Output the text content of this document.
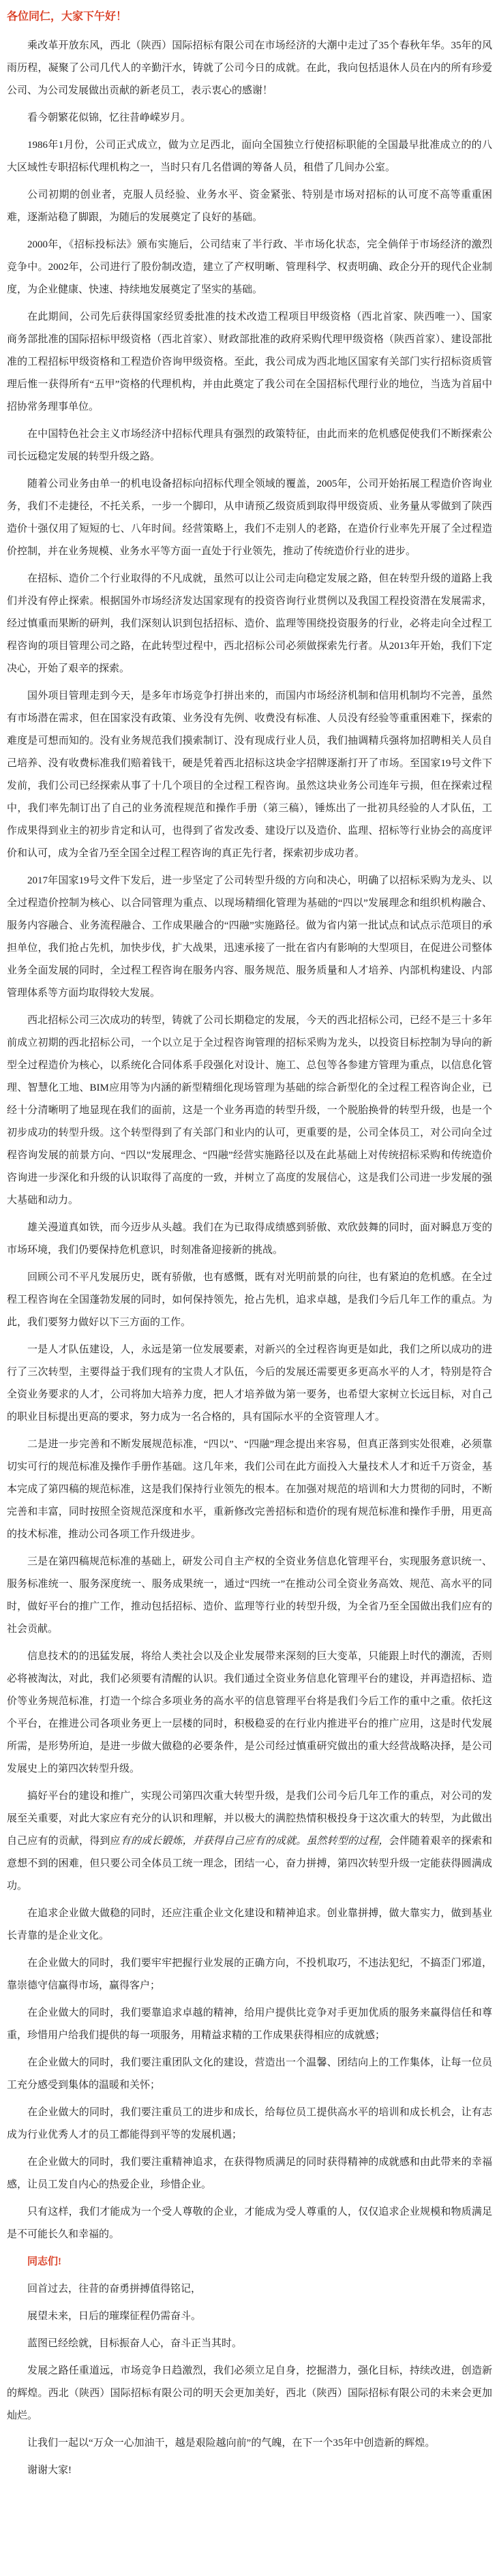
各位同仁，大家下午好！

乘改革开放东风，西北（陕西）国际招标有限公司在市场经济的大潮中走过了35个春秋年华。35年的风雨历程，凝聚了公司几代人的辛勤汗水，铸就了公司今日的成就。在此，我向包括退休人员在内的所有珍爱公司、为公司发展做出贡献的新老员工，表示衷心的感谢！

看今朝繁花似锦，忆往昔峥嵘岁月。

1986年1月份，公司正式成立，做为立足西北，面向全国独立行使招标职能的全国最早批准成立的的八大区域性专职招标代理机构之一，当时只有几名借调的筹备人员，租借了几间办公室。

公司初期的创业者，克服人员经验、业务水平、资金紧张、特别是市场对招标的认可度不高等重重困难，逐渐站稳了脚跟，为随后的发展奠定了良好的基础。

2000年，《招标投标法》颁布实施后，公司结束了半行政、半市场化状态，完全倘佯于市场经济的激烈竞争中。2002年，公司进行了股份制改造，建立了产权明晰、管理科学、权责明确、政企分开的现代企业制度，为企业健康、快速、持续地发展奠定了坚实的基础。

在此期间，公司先后获得国家经贸委批准的技术改造工程项目甲级资格（西北首家、陕西唯一）、国家商务部批准的国际招标甲级资格（西北首家）、财政部批准的政府采购代理甲级资格（陕西首家）、建设部批准的工程招标甲级资格和工程造价咨询甲级资格。至此，我公司成为西北地区国家有关部门实行招标资质管理后惟一获得所有“五甲”资格的代理机构，并由此奠定了我公司在全国招标代理行业的地位，当选为首届中招协常务理事单位。

在中国特色社会主义市场经济中招标代理具有强烈的政策特征，由此而来的危机感促使我们不断探索公司长远稳定发展的转型升级之路。

随着公司业务由单一的机电设备招标向招标代理全领域的覆盖，2005年，公司开始拓展工程造价咨询业务，我们不走捷径，不托关系，一步一个脚印，从申请预乙级资质到取得甲级资质、业务量从零做到了陕西造价十强仅用了短短的七、八年时间。经营策略上，我们不走别人的老路，在造价行业率先开展了全过程造价控制，并在业务规模、业务水平等方面一直处于行业领先，推动了传统造价行业的进步。

在招标、造价二个行业取得的不凡成就，虽然可以让公司走向稳定发展之路，但在转型升级的道路上我们并没有停止探索。根据国外市场经济发达国家现有的投资咨询行业贯例以及我国工程投资潜在发展需求，经过慎重而果断的研判，我们深刻认识到包括招标、造价、监理等围绕投资服务的行业，必将走向全过程工程咨询的项目管理公司之路，在此转型过程中，西北招标公司必须做探索先行者。从2013年开始，我们下定决心，开始了艰辛的探索。

国外项目管理走到今天，是多年市场竞争打拼出来的，而国内市场经济机制和信用机制均不完善，虽然有市场潜在需求，但在国家没有政策、业务没有先例、收费没有标准、人员没有经验等重重困难下，探索的难度是可想而知的。没有业务规范我们摸索制订、没有现成行业人员，我们抽调精兵强将加招聘相关人员自己培养、没有收费标准我们赔着钱干，硬是凭着西北招标这块金字招牌逐渐打开了市场。至国家19号文件下发前，我们公司已经探索从事了十几个项目的全过程工程咨询。虽然这块业务公司连年亏损，但在探索过程中，我们率先制订出了自己的业务流程规范和操作手册（第三稿），锤炼出了一批初具经验的人才队伍，工作成果得到业主的初步肯定和认可，也得到了省发改委、建设厅以及造价、监理、招标等行业协会的高度评价和认可，成为全省乃至全国全过程工程咨询的真正先行者，探索初步成功者。

2017年国家19号文件下发后，进一步坚定了公司转型升级的方向和决心，明确了以招标采购为龙头、以全过程造价控制为核心、以合同管理为重点、以现场精细化管理为基础的“四以”发展理念和组织机构融合、服务内容融合、业务流程融合、工作成果融合的“四融”实施路径。做为省内第一批试点和试点示范项目的承担单位，我们抢占先机，加快步伐，扩大战果，迅速承接了一批在省内有影响的大型项目，在促进公司整体业务全面发展的同时，全过程工程咨询在服务内容、服务规范、服务质量和人才培养、内部机构建设、内部管理体系等方面均取得较大发展。

西北招标公司三次成功的转型，铸就了公司长期稳定的发展，今天的西北招标公司，已经不是三十多年前成立初期的西北招标公司，一个以立足于全过程咨询管理的招标采购为龙头，以投资目标控制为导向的新型全过程造价为核心，以系统化合同体系手段强化对设计、施工、总包等各参建方管理为重点，以信息化管理、智慧化工地、BIM应用等为内涵的新型精细化现场管理为基础的综合新型化的全过程工程咨询企业，已经十分清晰明了地显现在我们的面前，这是一个业务再造的转型升级，一个脱胎换骨的转型升级，也是一个初步成功的转型升级。这个转型得到了有关部门和业内的认可，更重要的是，公司全体员工，对公司向全过程咨询发展的前景方向、“四以”发展理念、“四融”经营实施路径以及在此基础上对传统招标采购和传统造价咨询进一步深化和升级的认识取得了高度的一致，并树立了高度的发展信心，这是我们公司进一步发展的强大基础和动力。

雄关漫道真如铁，而今迈步从头越。我们在为已取得成绩感到骄傲、欢欣鼓舞的同时，面对瞬息万变的市场环境，我们仍要保持危机意识，时刻准备迎接新的挑战。

回顾公司不平凡发展历史，既有骄傲，也有感慨，既有对光明前景的向往，也有紧迫的危机感。在全过程工程咨询在全国蓬勃发展的同时，如何保持领先，抢占先机，追求卓越，是我们今后几年工作的重点。为此，我们要努力做好以下三方面的工作。

一是人才队伍建设，人，永远是第一位发展要素，对新兴的全过程咨询更是如此，我们之所以成功的进行了三次转型，主要得益于我们现有的宝贵人才队伍，今后的发展还需要更多更高水平的人才，特别是符合全资业务要求的人才，公司将加大培养力度，把人才培养做为第一要务，也希望大家树立长远目标，对自己的职业目标提出更高的要求，努力成为一名合格的，具有国际水平的全资管理人才。

二是进一步完善和不断发展规范标准，“四以”、“四融”理念提出来容易，但真正落到实处很难，必须靠切实可行的规范标准及操作手册作基础。这几年来，我们公司在此方面投入大量技术人才和近千万资金，基本完成了第四稿的规范标准，这是我们保持行业领先的根本。在加强对规范的培训和大力贯彻的同时，不断完善和丰富，同时按照全资规范深度和水平，重新修改完善招标和造价的现有规范标准和操作手册，用更高的技术标准，推动公司各项工作升级进步。

三是在第四稿规范标准的基础上，研发公司自主产权的全资业务信息化管理平台，实现服务意识统一、服务标准统一、服务深度统一、服务成果统一，通过“四统一”在推动公司全资业务高效、规范、高水平的同时，做好平台的推广工作，推动包括招标、造价、监理等行业的转型升级，为全省乃至全国做出我们应有的社会贡献。

信息技术的的迅猛发展，将给人类社会以及企业发展带来深刻的巨大变革，只能跟上时代的潮流，否则必将被淘汰，对此，我们必须要有清醒的认识。我们通过全资业务信息化管理平台的建设，并再造招标、造价等业务规范标准，打造一个综合多项业务的高水平的信息管理平台将是我们今后工作的重中之重。依托这个平台，在推进公司各项业务更上一层楼的同时，积极稳妥的在行业内推进平台的推广应用，这是时代发展所需，是形势所迫，是进一步做大做稳的必要条件，是公司经过慎重研究做出的重大经营战略决择，是公司发展史上的第四次转型升级。

搞好平台的建设和推广，实现公司第四次重大转型升级，是我们公司今后几年工作的重点，对公司的发展至关重要，对此大家应有充分的认识和理解，并以极大的满腔热情积极投身于这次重大的转型，为此做出自己应有的贡献，得到应有的成长锻炼，并获得自己应有的成就。虽然转型的过程，会伴随着艰辛的探索和意想不到的困难，但只要公司全体员工统一理念，团结一心，奋力拼搏，第四次转型升级一定能获得圆满成功。

在追求企业做大做稳的同时，还应注重企业文化建设和精神追求。创业靠拼搏，做大靠实力，做到基业长青靠的是企业文化。

在企业做大的同时，我们要牢牢把握行业发展的正确方向，不投机取巧，不违法犯纪，不搞歪门邪道，靠崇德守信赢得市场，赢得客户；

在企业做大的同时，我们要靠追求卓越的精神，给用户提供比竞争对手更加优质的服务来赢得信任和尊重，珍惜用户给我们提供的每一项服务，用精益求精的工作成果获得相应的成就感；

在企业做大的同时，我们要注重团队文化的建设，营造出一个温馨、团结向上的工作集体，让每一位员工充分感受到集体的温暖和关怀；

在企业做大的同时，我们要注重员工的进步和成长，给每位员工提供高水平的培训和成长机会，让有志成为行业优秀人才的员工都能得到平等的发展机遇；

在企业做大的同时，我们要注重精神追求，在获得物质满足的同时获得精神的成就感和由此带来的幸福感，让员工发自内心的热爱企业，珍惜企业。

只有这样，我们才能成为一个受人尊敬的企业，才能成为受人尊重的人，仅仅追求企业规模和物质满足是不可能长久和幸福的。

同志们!

回首过去，往昔的奋勇拼搏值得铭记，

展望未来，日后的璀璨征程仍需奋斗。

蓝图已经绘就，目标振奋人心，奋斗正当其时。

发展之路任重道远，市场竞争日趋激烈，我们必须立足自身，挖掘潜力，强化目标，持续改进，创造新的辉煌。西北（陕西）国际招标有限公司的明天会更加美好，西北（陕西）国际招标有限公司的未来会更加灿烂。

让我们一起以“万众一心加油干，越是艰险越向前”的气魄，在下一个35年中创造新的辉煌。

谢谢大家!
